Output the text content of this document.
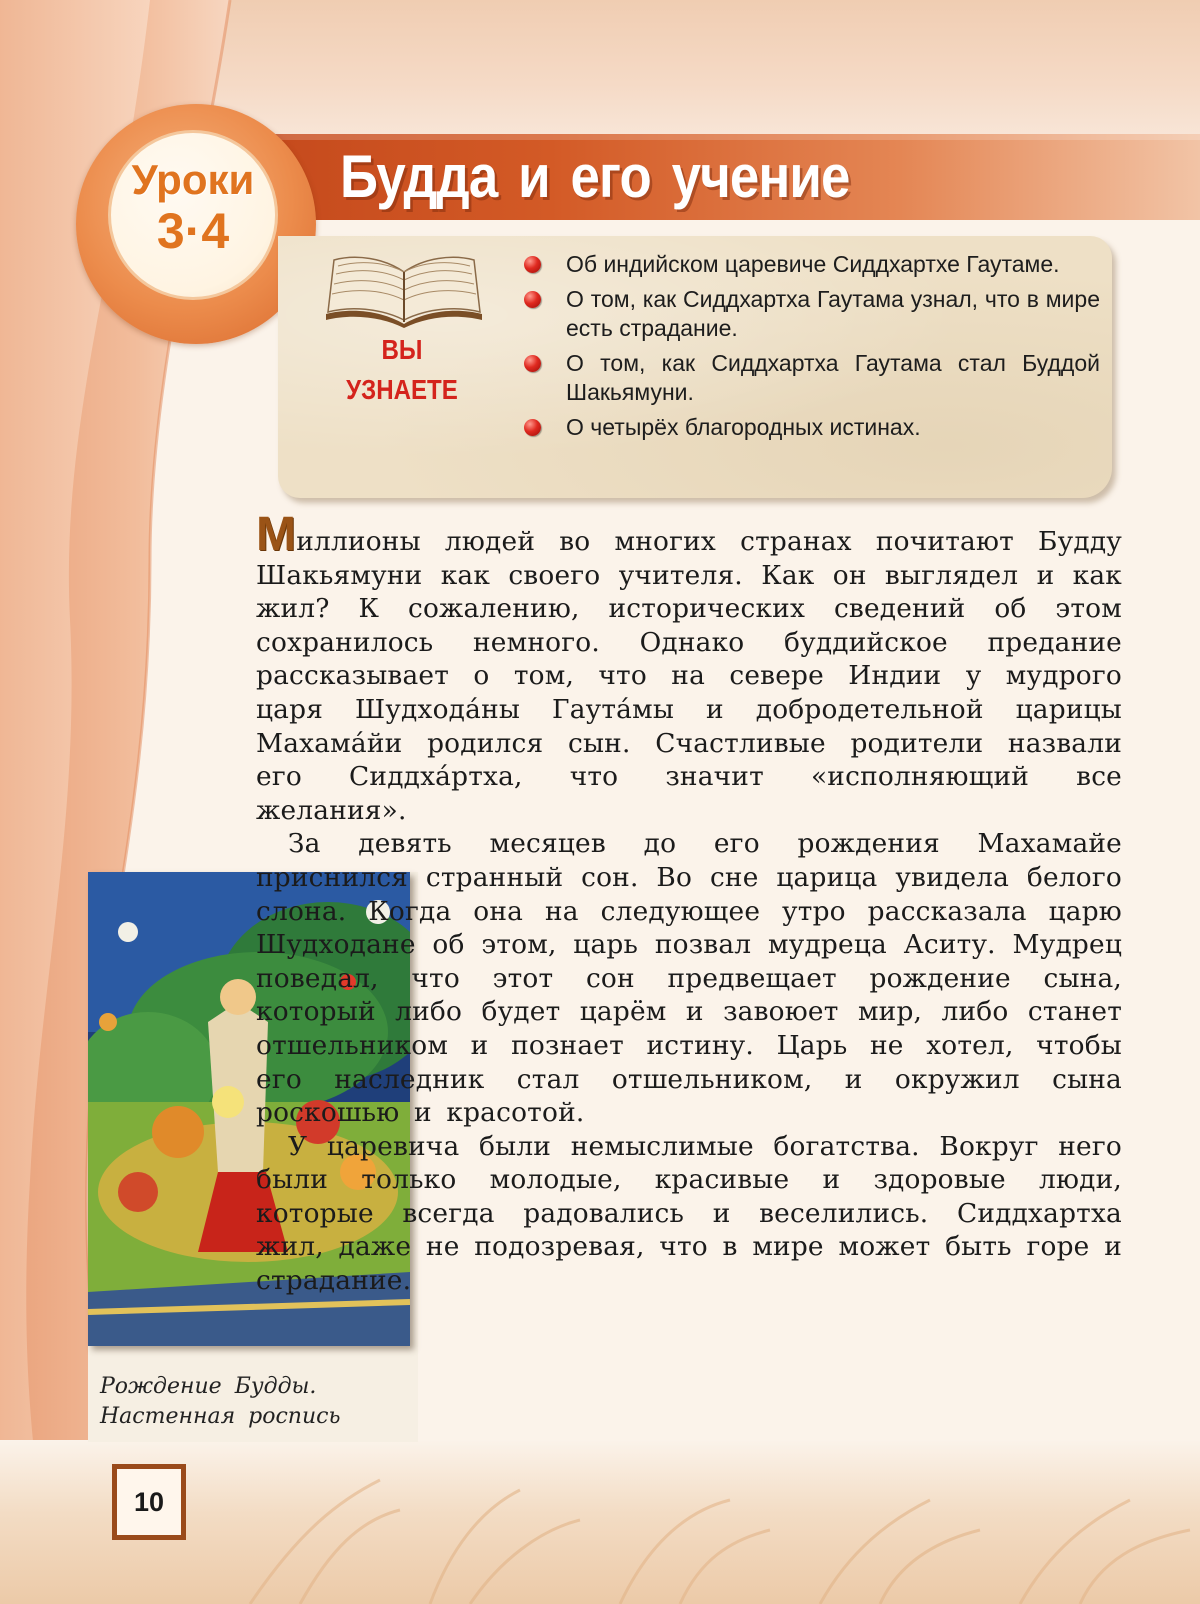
Будда и его учение
Уроки
3·4
ВЫ УЗНАЕТЕ
Об индийском царевиче Сиддхартхе Гаутаме.
О том, как Сиддхартха Гаутама узнал, что в мире есть страдание.
О том, как Сиддхартха Гаутама стал Буддой Шакьямуни.
О четырёх благородных истинах.
Рождение Будды.
Настенная роспись

Миллионы людей во многих странах почитают Будду Шакьямуни как своего учителя. Как он выглядел и как жил? К сожалению, исторических сведений об этом сохранилось немного. Однако буддийское предание рассказывает о том, что на севере Индии у мудрого царя Шудхода́ны Гаута́мы и добродетельной царицы Махама́йи родился сын. Счастливые родители назвали его Сиддха́ртха, что значит «исполняющий все желания».

За девять месяцев до его рождения Махамайе приснился странный сон. Во сне царица увидела белого слона. Когда она на следующее утро рассказала царю Шудходане об этом, царь позвал мудреца Аситу. Мудрец поведал, что этот сон предвещает рождение сына, который либо будет царём и завоюет мир, либо станет отшельником и познает истину. Царь не хотел, чтобы его наследник стал отшельником, и окружил сына роскошью и красотой.

У царевича были немыслимые богатства. Вокруг него были только молодые, красивые и здоровые люди, которые всегда радовались и веселились. Сиддхартха жил, даже не подозревая, что в мире может быть горе и страдание.

10
